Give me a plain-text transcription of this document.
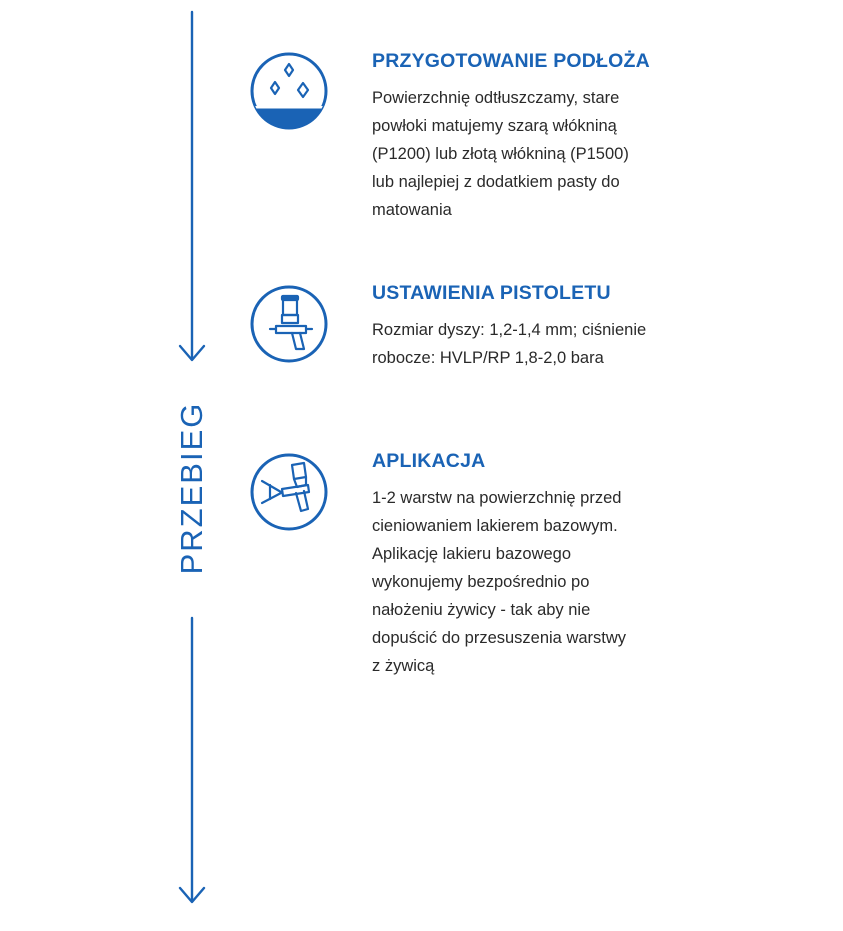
PRZEBIEG
PRZYGOTOWANIE PODŁOŻA

Powierzchnię odtłuszczamy, stare
powłoki matujemy szarą włókniną
(P1200) lub złotą włókniną (P1500)
lub najlepiej z dodatkiem pasty do
matowania

USTAWIENIA PISTOLETU

Rozmiar dyszy: 1,2-1,4 mm; ciśnienie
robocze: HVLP/RP 1,8-2,0 bara

APLIKACJA

1-2 warstw na powierzchnię przed
cieniowaniem lakierem bazowym.
Aplikację lakieru bazowego
wykonujemy bezpośrednio po
nałożeniu żywicy - tak aby nie
dopuścić do przesuszenia warstwy
z żywicą
